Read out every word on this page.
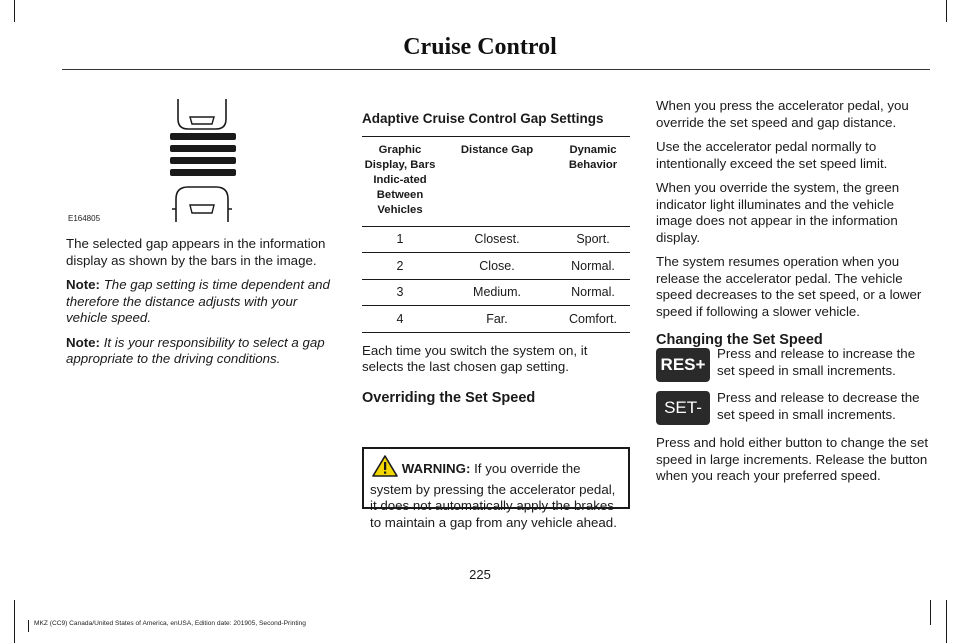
Cruise Control
E164805

The selected gap appears in the information display as shown by the bars in the image.

Note: The gap setting is time dependent and therefore the distance adjusts with your vehicle speed.

Note: It is your responsibility to select a gap appropriate to the driving conditions.

Adaptive Cruise Control Gap Settings
Graphic Display, Bars Indic-ated Between Vehicles	Distance Gap	Dynamic Behavior
1	Closest.	Sport.
2	Close.	Normal.
3	Medium.	Normal.
4	Far.	Comfort.

Each time you switch the system on, it selects the last chosen gap setting.

Overriding the Set Speed
WARNING: If you override the system by pressing the accelerator pedal, it does not automatically apply the brakes to maintain a gap from any vehicle ahead.

When you press the accelerator pedal, you override the set speed and gap distance.

Use the accelerator pedal normally to intentionally exceed the set speed limit.

When you override the system, the green indicator light illuminates and the vehicle image does not appear in the information display.

The system resumes operation when you release the accelerator pedal. The vehicle speed decreases to the set speed, or a lower speed if following a slower vehicle.

Changing the Set Speed
RES+
Press and release to increase the set speed in small increments.
SET-
Press and release to decrease the set speed in small increments.
Press and hold either button to change the set speed in large increments. Release the button when you reach your preferred speed.
225
MKZ (CC9) Canada/United States of America, enUSA, Edition date: 201905, Second-Printing
